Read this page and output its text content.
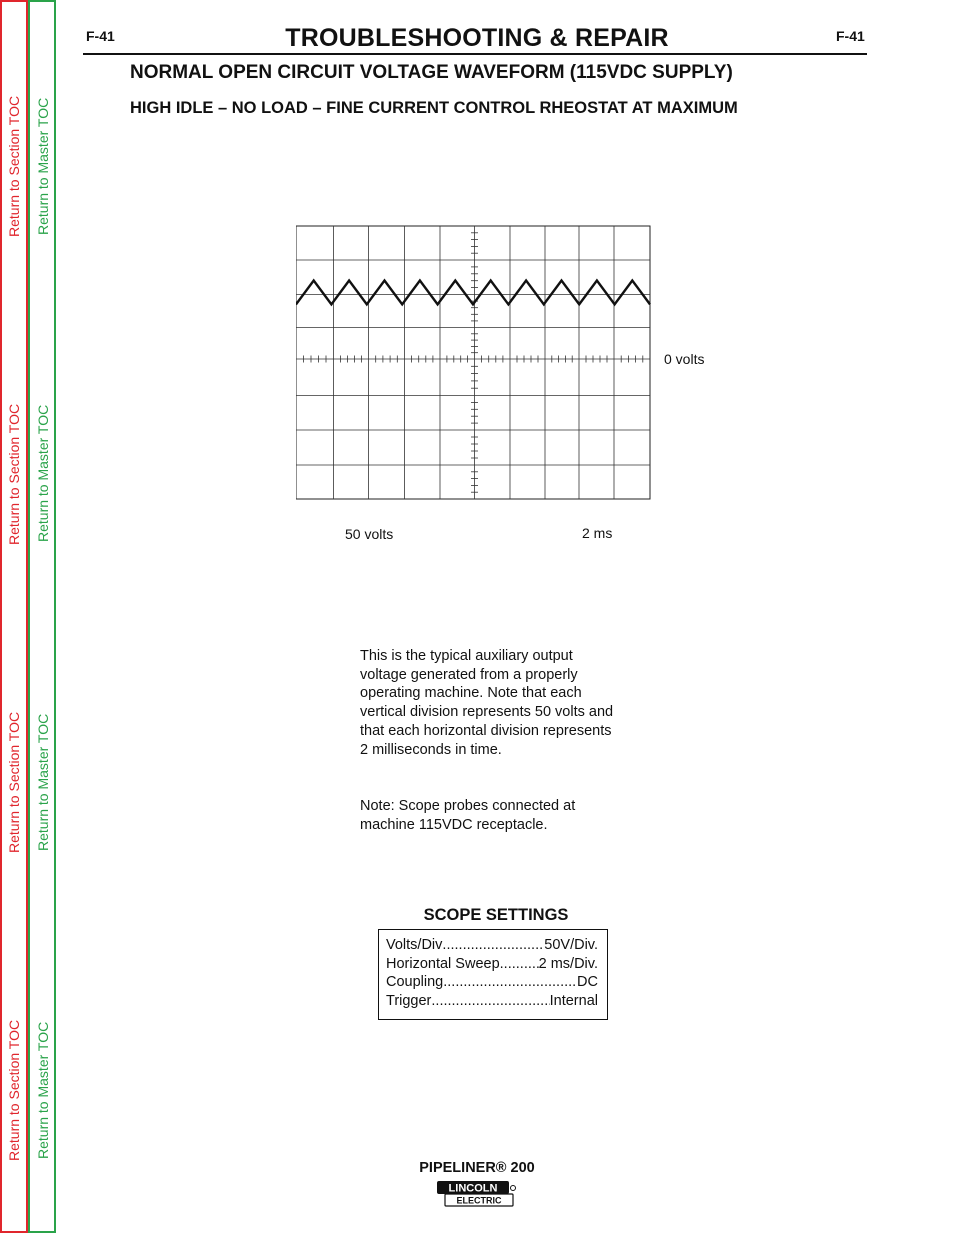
Return to Section TOC
Return to Section TOC
Return to Section TOC
Return to Section TOC
Return to Master TOC
Return to Master TOC
Return to Master TOC
Return to Master TOC
F-41	F-41
TROUBLESHOOTING & REPAIR
NORMAL OPEN CIRCUIT VOLTAGE WAVEFORM (115VDC SUPPLY)
HIGH IDLE – NO LOAD – FINE CURRENT CONTROL RHEOSTAT AT MAXIMUM
0 volts
50 volts	2 ms
This is the typical auxiliary output voltage generated from a properly operating machine. Note that each vertical division represents 50 volts and that each horizontal division represents 2 milliseconds in time.
Note: Scope probes connected at machine 115VDC receptacle.
SCOPE SETTINGS
Volts/Div .....	50V/Div.
Horizontal Sweep .....	2 ms/Div.
Coupling .....	DC
Trigger .....	Internal
PIPELINER® 200
LINCOLN
ELECTRIC
